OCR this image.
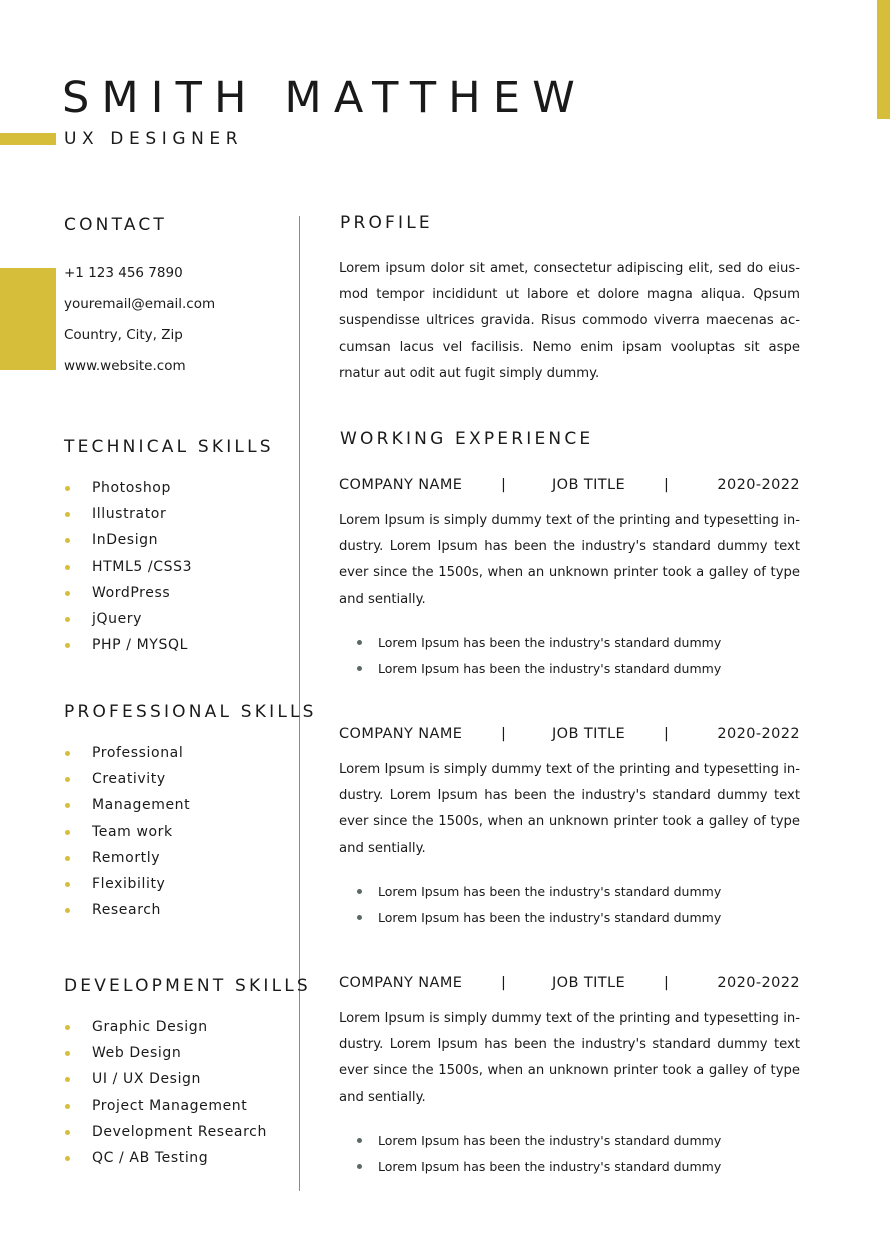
SMITH MATTHEW
UX DESIGNER
CONTACT
+1 123 456 7890
youremail@email.com
Country, City, Zip
www.website.com
TECHNICAL SKILLS
Photoshop
Illustrator
InDesign
HTML5 /CSS3
WordPress
jQuery
PHP / MYSQL
PROFESSIONAL SKILLS
Professional
Creativity
Management
Team work
Remortly
Flexibility
Research
DEVELOPMENT SKILLS
Graphic Design
Web Design
UI / UX Design
Project Management
Development Research
QC / AB Testing
PROFILE

Lorem ipsum dolor sit amet, consectetur adipiscing elit, sed do eius-mod tempor incididunt ut labore et dolore magna aliqua. Qpsum suspendisse ultrices gravida. Risus commodo viverra maecenas ac-cumsan lacus vel facilisis. Nemo enim ipsam vooluptas sit aspe rnatur aut odit aut fugit simply dummy.

WORKING EXPERIENCE
COMPANY NAME	|	JOB TITLE	|	2020-2022

Lorem Ipsum is simply dummy text of the printing and typesetting in-dustry. Lorem Ipsum has been the industry's standard dummy text ever since the 1500s, when an unknown printer took a galley of type and sentially.

Lorem Ipsum has been the industry's standard dummy
Lorem Ipsum has been the industry's standard dummy
COMPANY NAME	|	JOB TITLE	|	2020-2022

Lorem Ipsum is simply dummy text of the printing and typesetting in-dustry. Lorem Ipsum has been the industry's standard dummy text ever since the 1500s, when an unknown printer took a galley of type and sentially.

Lorem Ipsum has been the industry's standard dummy
Lorem Ipsum has been the industry's standard dummy
COMPANY NAME	|	JOB TITLE	|	2020-2022

Lorem Ipsum is simply dummy text of the printing and typesetting in-dustry. Lorem Ipsum has been the industry's standard dummy text ever since the 1500s, when an unknown printer took a galley of type and sentially.

Lorem Ipsum has been the industry's standard dummy
Lorem Ipsum has been the industry's standard dummy
